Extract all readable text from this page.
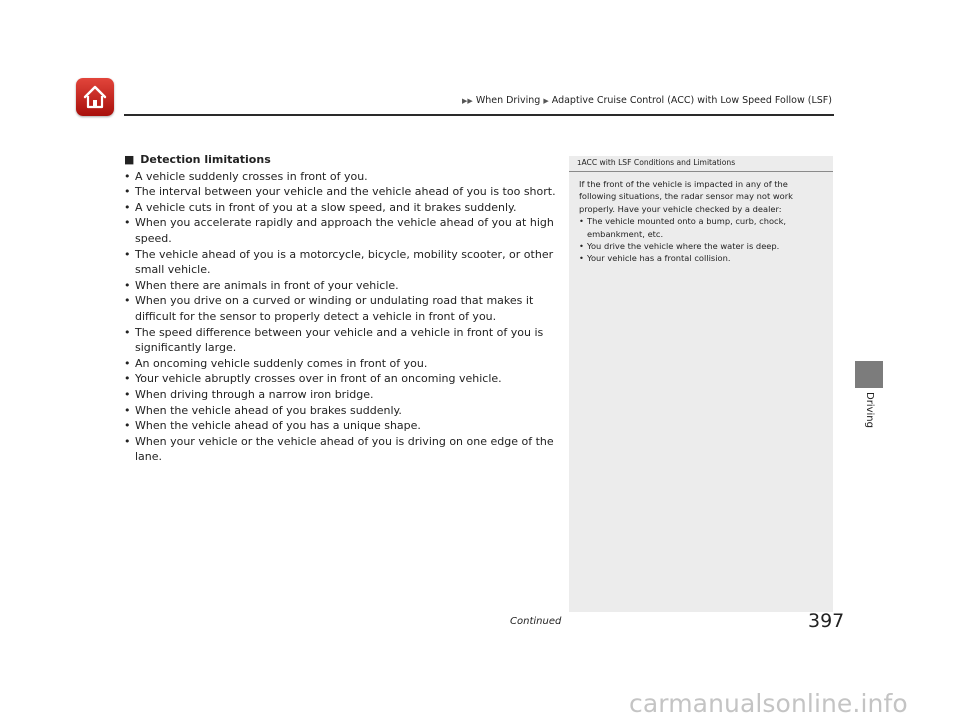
▶▶ When Driving ▶ Adaptive Cruise Control (ACC) with Low Speed Follow (LSF)
■ Detection limitations
• A vehicle suddenly crosses in front of you.
• The interval between your vehicle and the vehicle ahead of you is too short.
• A vehicle cuts in front of you at a slow speed, and it brakes suddenly.
• When you accelerate rapidly and approach the vehicle ahead of you at high speed.
• The vehicle ahead of you is a motorcycle, bicycle, mobility scooter, or other small vehicle.
• When there are animals in front of your vehicle.
• When you drive on a curved or winding or undulating road that makes it difficult for the sensor to properly detect a vehicle in front of you.
• The speed difference between your vehicle and a vehicle in front of you is significantly large.
• An oncoming vehicle suddenly comes in front of you.
• Your vehicle abruptly crosses over in front of an oncoming vehicle.
• When driving through a narrow iron bridge.
• When the vehicle ahead of you brakes suddenly.
• When the vehicle ahead of you has a unique shape.
• When your vehicle or the vehicle ahead of you is driving on one edge of the lane.
1ACC with LSF Conditions and Limitations

If the front of the vehicle is impacted in any of the following situations, the radar sensor may not work properly. Have your vehicle checked by a dealer:

• The vehicle mounted onto a bump, curb, chock, embankment, etc.
• You drive the vehicle where the water is deep.
• Your vehicle has a frontal collision.
Driving
Continued	397
carmanualsonline.info
